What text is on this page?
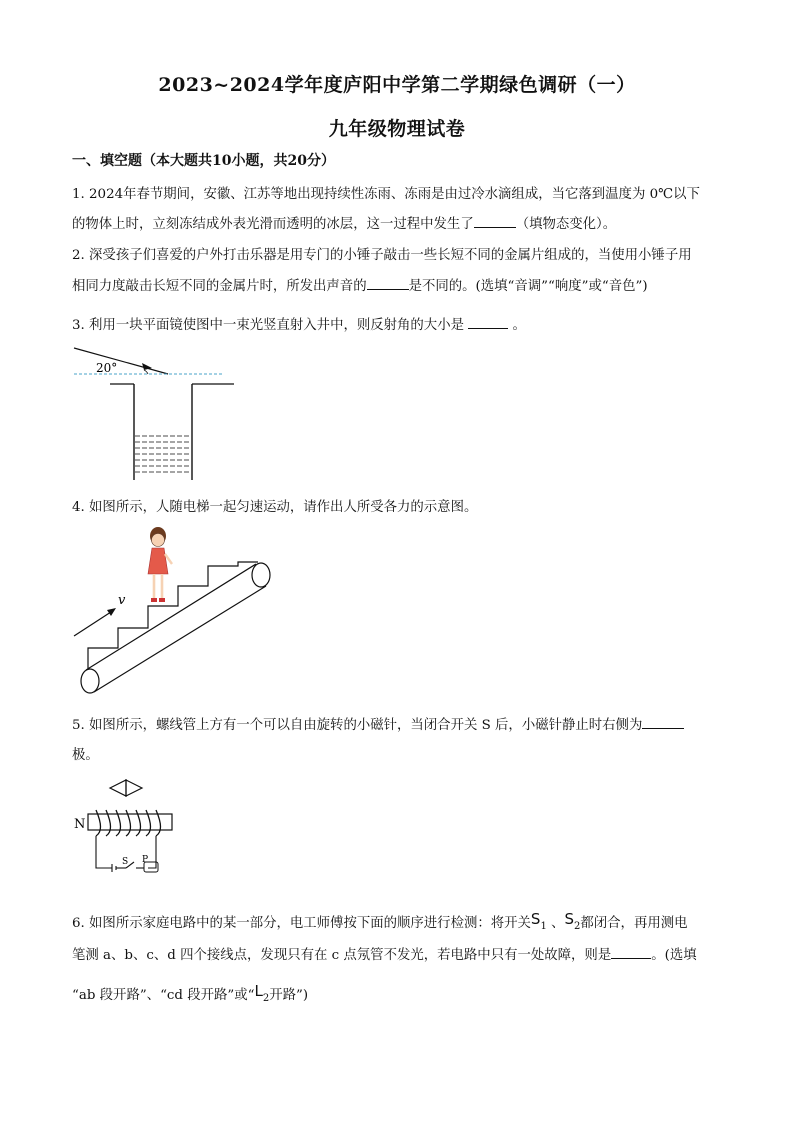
2023~2024学年度庐阳中学第二学期绿色调研（一）
九年级物理试卷
一、填空题（本大题共10小题，共20分）
1. 2024年春节期间，安徽、江苏等地出现持续性冻雨、冻雨是由过冷水滴组成，当它落到温度为 0℃以下
的物体上时，立刻冻结成外表光滑而透明的冰层，这一过程中发生了	（填物态变化）。
2. 深受孩子们喜爱的户外打击乐器是用专门的小锤子敲击一些长短不同的金属片组成的，当使用小锤子用
相同力度敲击长短不同的金属片时，所发出声音的	是不同的。(选填“音调”“响度”或“音色”)
3. 利用一块平面镜使图中一束光竖直射入井中，则反射角的大小是	。
20°
4. 如图所示，人随电梯一起匀速运动，请作出人所受各力的示意图。
v
5. 如图所示，螺线管上方有一个可以自由旋转的小磁针，当闭合开关 S 后，小磁针静止时右侧为
极。
N
S P
6. 如图所示家庭电路中的某一部分，电工师傅按下面的顺序进行检测：将开关$S_1$ 、$S_2$都闭合，再用测电
笔测 a、b、c、d 四个接线点，发现只有在 c 点氖管不发光，若电路中只有一处故障，则是	。(选填
“ab 段开路”、“cd 段开路”或“$L_2$开路”)
